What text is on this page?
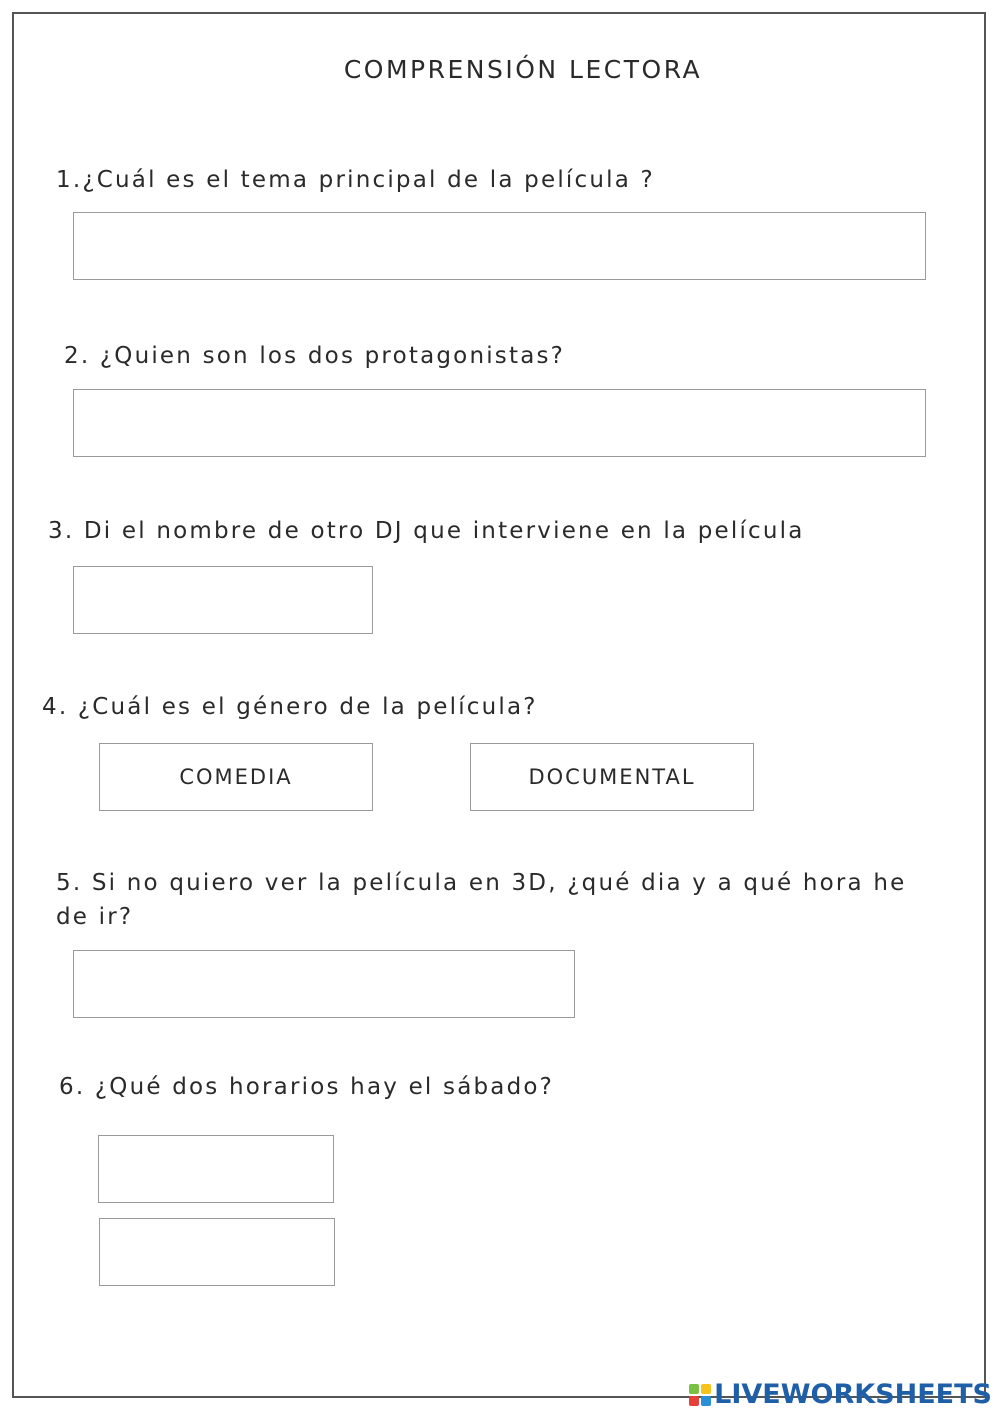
COMPRENSIÓN LECTORA

1.¿Cuál es el tema principal de la película ?

2. ¿Quien son los dos protagonistas?

3. Di el nombre de otro DJ que interviene en la película

4. ¿Cuál es el género de la película?

COMEDIA	DOCUMENTAL

5. Si no quiero ver la película en 3D, ¿qué dia y a qué hora he de ir?

6. ¿Qué dos horarios hay el sábado?

LIVEWORKSHEETS
